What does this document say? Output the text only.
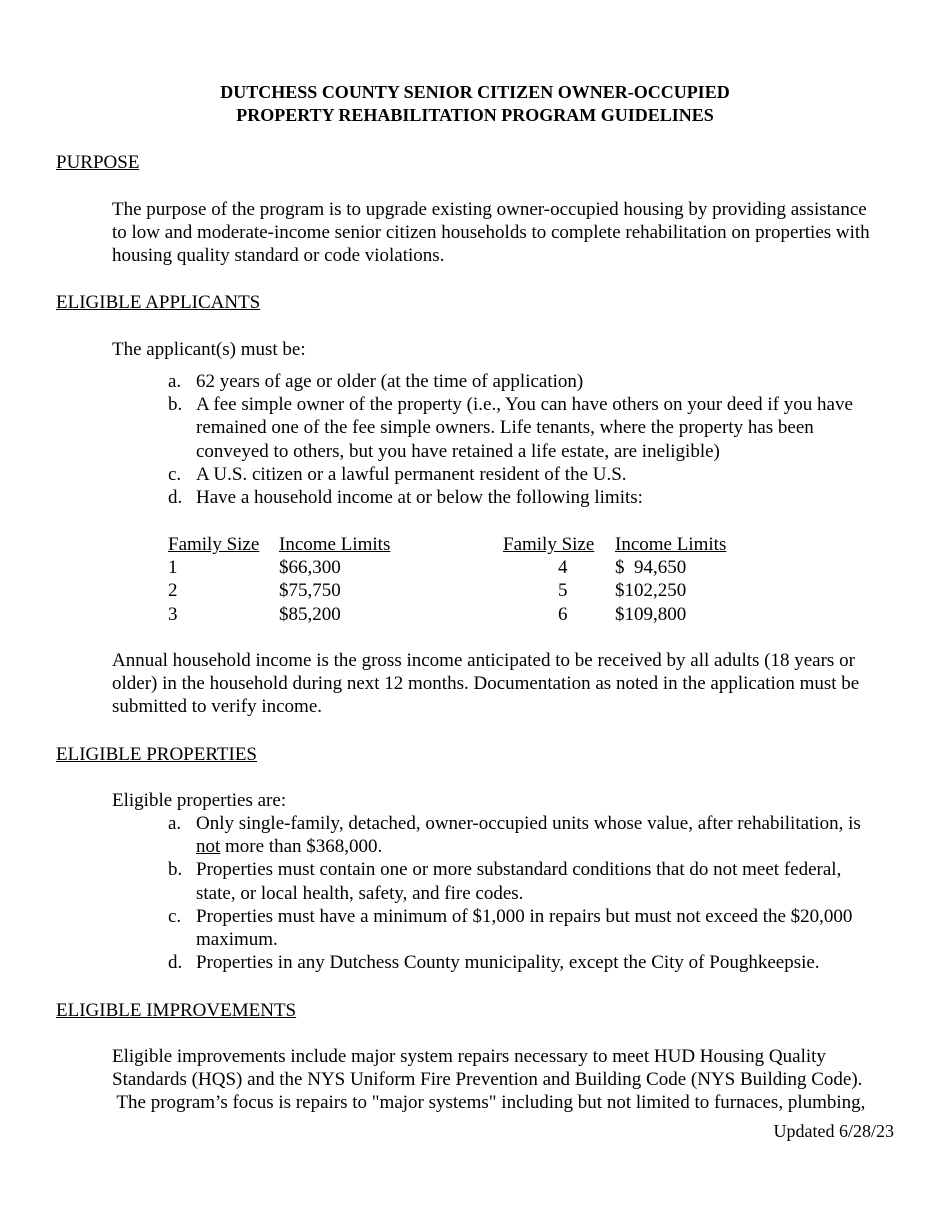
DUTCHESS COUNTY SENIOR CITIZEN OWNER-OCCUPIED
PROPERTY REHABILITATION PROGRAM GUIDELINES
PURPOSE
The purpose of the program is to upgrade existing owner-occupied housing by providing assistance
to low and moderate-income senior citizen households to complete rehabilitation on properties with
housing quality standard or code violations.
ELIGIBLE APPLICANTS
The applicant(s) must be:
a. 62 years of age or older (at the time of application)
b. A fee simple owner of the property (i.e., You can have others on your deed if you have
remained one of the fee simple owners. Life tenants, where the property has been
conveyed to others, but you have retained a life estate, are ineligible)
c. A U.S. citizen or a lawful permanent resident of the U.S.
d. Have a household income at or below the following limits:
Family Size	Income Limits
1	$66,300
2	$75,750
3	$85,200
Family Size	Income Limits
4	$  94,650
5	$102,250
6	$109,800
Annual household income is the gross income anticipated to be received by all adults (18 years or
older) in the household during next 12 months. Documentation as noted in the application must be
submitted to verify income.
ELIGIBLE PROPERTIES
Eligible properties are:
a. Only single-family, detached, owner-occupied units whose value, after rehabilitation, is
not more than $368,000.
b. Properties must contain one or more substandard conditions that do not meet federal,
state, or local health, safety, and fire codes.
c. Properties must have a minimum of $1,000 in repairs but must not exceed the $20,000
maximum.
d. Properties in any Dutchess County municipality, except the City of Poughkeepsie.
ELIGIBLE IMPROVEMENTS
Eligible improvements include major system repairs necessary to meet HUD Housing Quality
Standards (HQS) and the NYS Uniform Fire Prevention and Building Code (NYS Building Code).
The program’s focus is repairs to "major systems" including but not limited to furnaces, plumbing,
Updated 6/28/23
